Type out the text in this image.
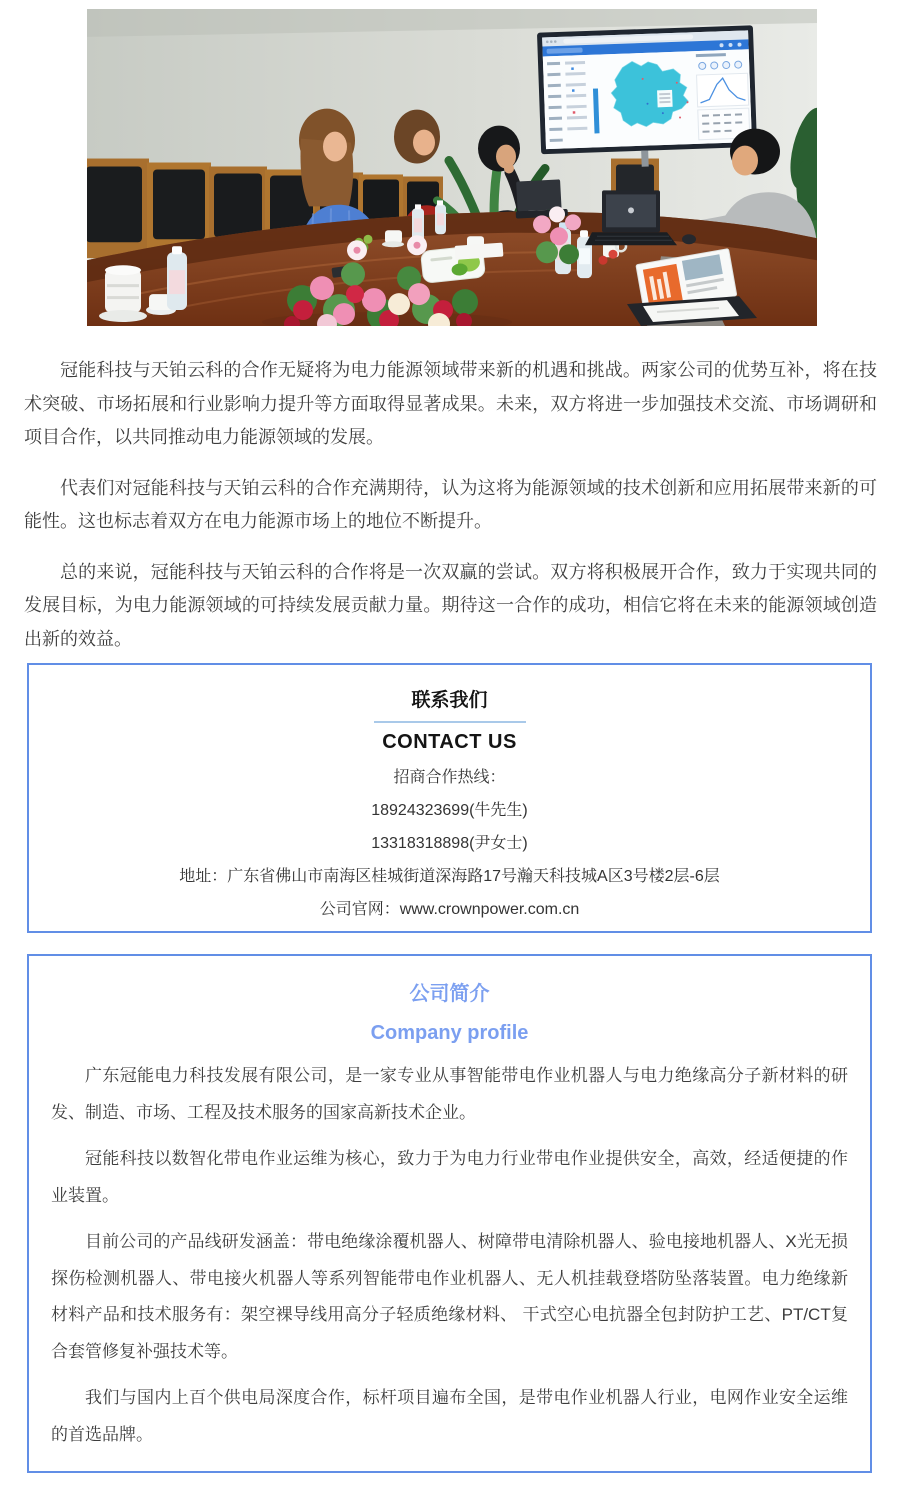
冠能科技与天铂云科的合作无疑将为电力能源领域带来新的机遇和挑战。两家公司的优势互补，将在技术突破、市场拓展和行业影响力提升等方面取得显著成果。未来，双方将进一步加强技术交流、市场调研和项目合作，以共同推动电力能源领域的发展。

代表们对冠能科技与天铂云科的合作充满期待，认为这将为能源领域的技术创新和应用拓展带来新的可能性。这也标志着双方在电力能源市场上的地位不断提升。

总的来说，冠能科技与天铂云科的合作将是一次双赢的尝试。双方将积极展开合作，致力于实现共同的发展目标，为电力能源领域的可持续发展贡献力量。期待这一合作的成功，相信它将在未来的能源领域创造出新的效益。

联系我们
CONTACT US
招商合作热线：
18924323699(牛先生)
13318318898(尹女士)
地址：广东省佛山市南海区桂城街道深海路17号瀚天科技城A区3号楼2层-6层
公司官网：www.crownpower.com.cn
公司简介
Company profile

广东冠能电力科技发展有限公司，是一家专业从事智能带电作业机器人与电力绝缘高分子新材料的研发、制造、市场、工程及技术服务的国家高新技术企业。

冠能科技以数智化带电作业运维为核心，致力于为电力行业带电作业提供安全，高效，经适便捷的作业装置。

目前公司的产品线研发涵盖：带电绝缘涂覆机器人、树障带电清除机器人、验电接地机器人、X光无损探伤检测机器人、带电接火机器人等系列智能带电作业机器人、无人机挂载登塔防坠落装置。电力绝缘新材料产品和技术服务有：架空裸导线用高分子轻质绝缘材料、 干式空心电抗器全包封防护工艺、PT/CT复合套管修复补强技术等。

我们与国内上百个供电局深度合作，标杆项目遍布全国，是带电作业机器人行业，电网作业安全运维的首选品牌。
